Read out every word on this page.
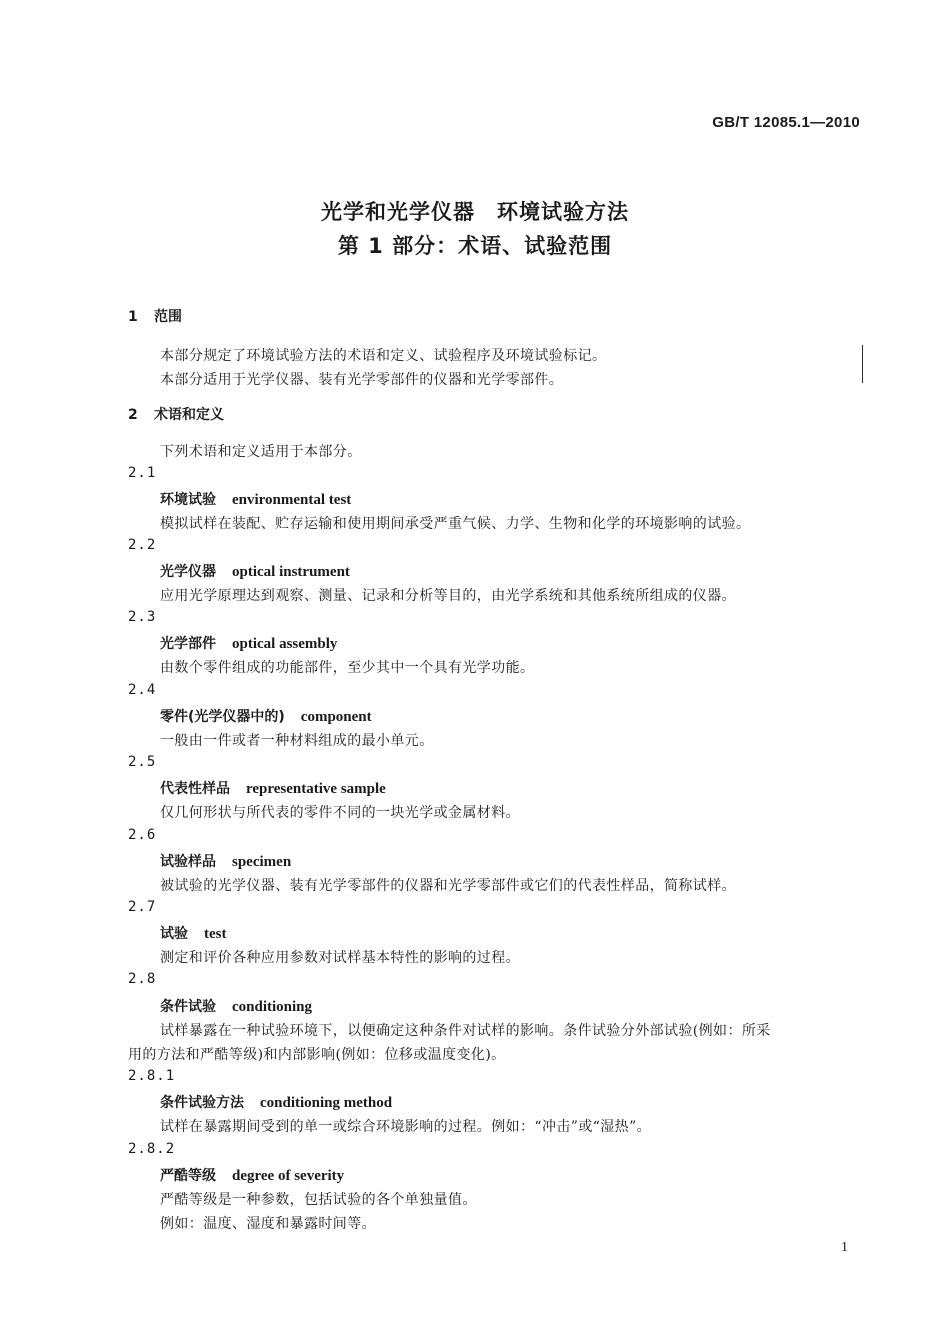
GB/T 12085.1—2010
光学和光学仪器　环境试验方法
第 1 部分：术语、试验范围
1 范围
本部分规定了环境试验方法的术语和定义、试验程序及环境试验标记。
本部分适用于光学仪器、装有光学零部件的仪器和光学零部件。
2 术语和定义
下列术语和定义适用于本部分。
2.1
环境试验 environmental test
模拟试样在装配、贮存运输和使用期间承受严重气候、力学、生物和化学的环境影响的试验。
2.2
光学仪器 optical instrument
应用光学原理达到观察、测量、记录和分析等目的，由光学系统和其他系统所组成的仪器。
2.3
光学部件 optical assembly
由数个零件组成的功能部件，至少其中一个具有光学功能。
2.4
零件(光学仪器中的) component
一般由一件或者一种材料组成的最小单元。
2.5
代表性样品 representative sample
仅几何形状与所代表的零件不同的一块光学或金属材料。
2.6
试验样品 specimen
被试验的光学仪器、装有光学零部件的仪器和光学零部件或它们的代表性样品，简称试样。
2.7
试验 test
测定和评价各种应用参数对试样基本特性的影响的过程。
2.8
条件试验 conditioning
试样暴露在一种试验环境下，以便确定这种条件对试样的影响。条件试验分外部试验(例如：所采
用的方法和严酷等级)和内部影响(例如：位移或温度变化)。
2.8.1
条件试验方法 conditioning method
试样在暴露期间受到的单一或综合环境影响的过程。例如：“冲击”或“湿热”。
2.8.2
严酷等级 degree of severity
严酷等级是一种参数，包括试验的各个单独量值。
例如：温度、湿度和暴露时间等。
1
